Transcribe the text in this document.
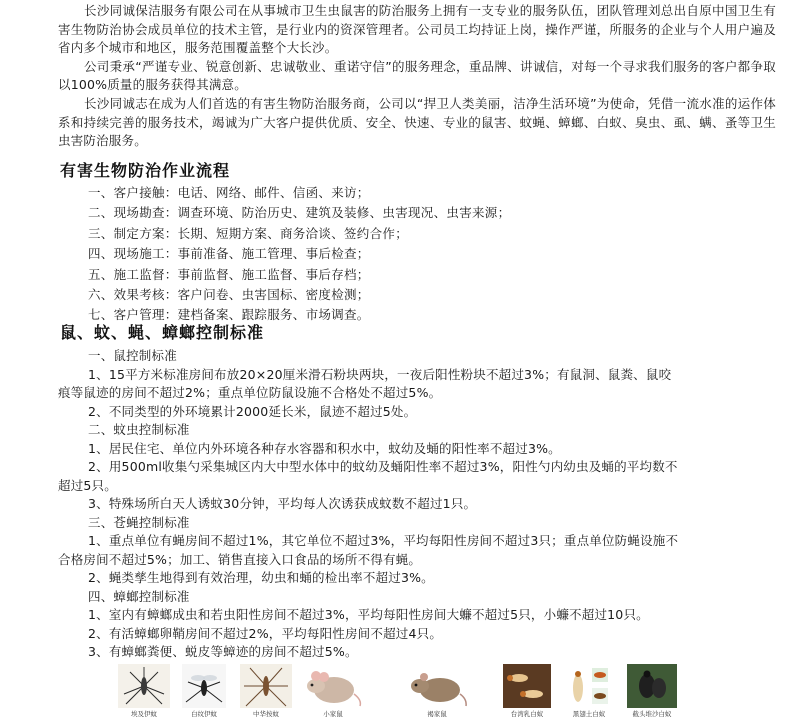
长沙同诚保洁服务有限公司在从事城市卫生虫鼠害的防治服务上拥有一支专业的服务队伍，团队管理刘总出自原中国卫生有害生物防治协会成员单位的技术主管，是行业内的资深管理者。公司员工均持证上岗，操作严谨，所服务的企业与个人用户遍及省内多个城市和地区，服务范围覆盖整个大长沙。

公司秉承“严谨专业、锐意创新、忠诚敬业、重诺守信”的服务理念，重品牌、讲诚信，对每一个寻求我们服务的客户都争取以100%质量的服务获得其满意。

长沙同诚志在成为人们首选的有害生物防治服务商，公司以“捍卫人类美丽，洁净生活环境”为使命，凭借一流水准的运作体系和持续完善的服务技术，竭诚为广大客户提供优质、安全、快速、专业的鼠害、蚊蝇、蟑螂、白蚁、臭虫、虱、螨、蚤等卫生虫害防治服务。

有害生物防治作业流程

一、客户接触：电话、网络、邮件、信函、来访；

二、现场勘查：调查环境、防治历史、建筑及装修、虫害现况、虫害来源；

三、制定方案：长期、短期方案、商务洽谈、签约合作；

四、现场施工：事前准备、施工管理、事后检查；

五、施工监督：事前监督、施工监督、事后存档；

六、效果考核：客户问卷、虫害国标、密度检测；

七、客户管理：建档备案、跟踪服务、市场调查。

鼠、蚊、蝇、蟑螂控制标准

一、鼠控制标准

1、15平方米标准房间布放20×20厘米滑石粉块两块，一夜后阳性粉块不超过3%；有鼠洞、鼠粪、鼠咬

痕等鼠迹的房间不超过2%；重点单位防鼠设施不合格处不超过5%。

2、不同类型的外环境累计2000延长米，鼠迹不超过5处。

二、蚊虫控制标准

1、居民住宅、单位内外环境各种存水容器和积水中，蚊幼及蛹的阳性率不超过3%。

2、用500ml收集勺采集城区内大中型水体中的蚊幼及蛹阳性率不超过3%，阳性勺内幼虫及蛹的平均数不

超过5只。

3、特殊场所白天人诱蚊30分钟，平均每人次诱获成蚊数不超过1只。

三、苍蝇控制标准

1、重点单位有蝇房间不超过1%，其它单位不超过3%，平均每阳性房间不超过3只；重点单位防蝇设施不

合格房间不超过5%；加工、销售直接入口食品的场所不得有蝇。

2、蝇类孳生地得到有效治理，幼虫和蛹的检出率不超过3%。

四、蟑螂控制标准

1、室内有蟑螂成虫和若虫阳性房间不超过3%，平均每阳性房间大蠊不超过5只，小蠊不超过10只。

2、有活蟑螂卵鞘房间不超过2%，平均每阳性房间不超过4只。

3、有蟑螂粪便、蜕皮等蟑迹的房间不超过5%。

埃及伊蚊	白纹伊蚊	中华按蚊	小家鼠	褐家鼠	台湾乳白蚁	黑翅土白蚁	截头堆沙白蚁
